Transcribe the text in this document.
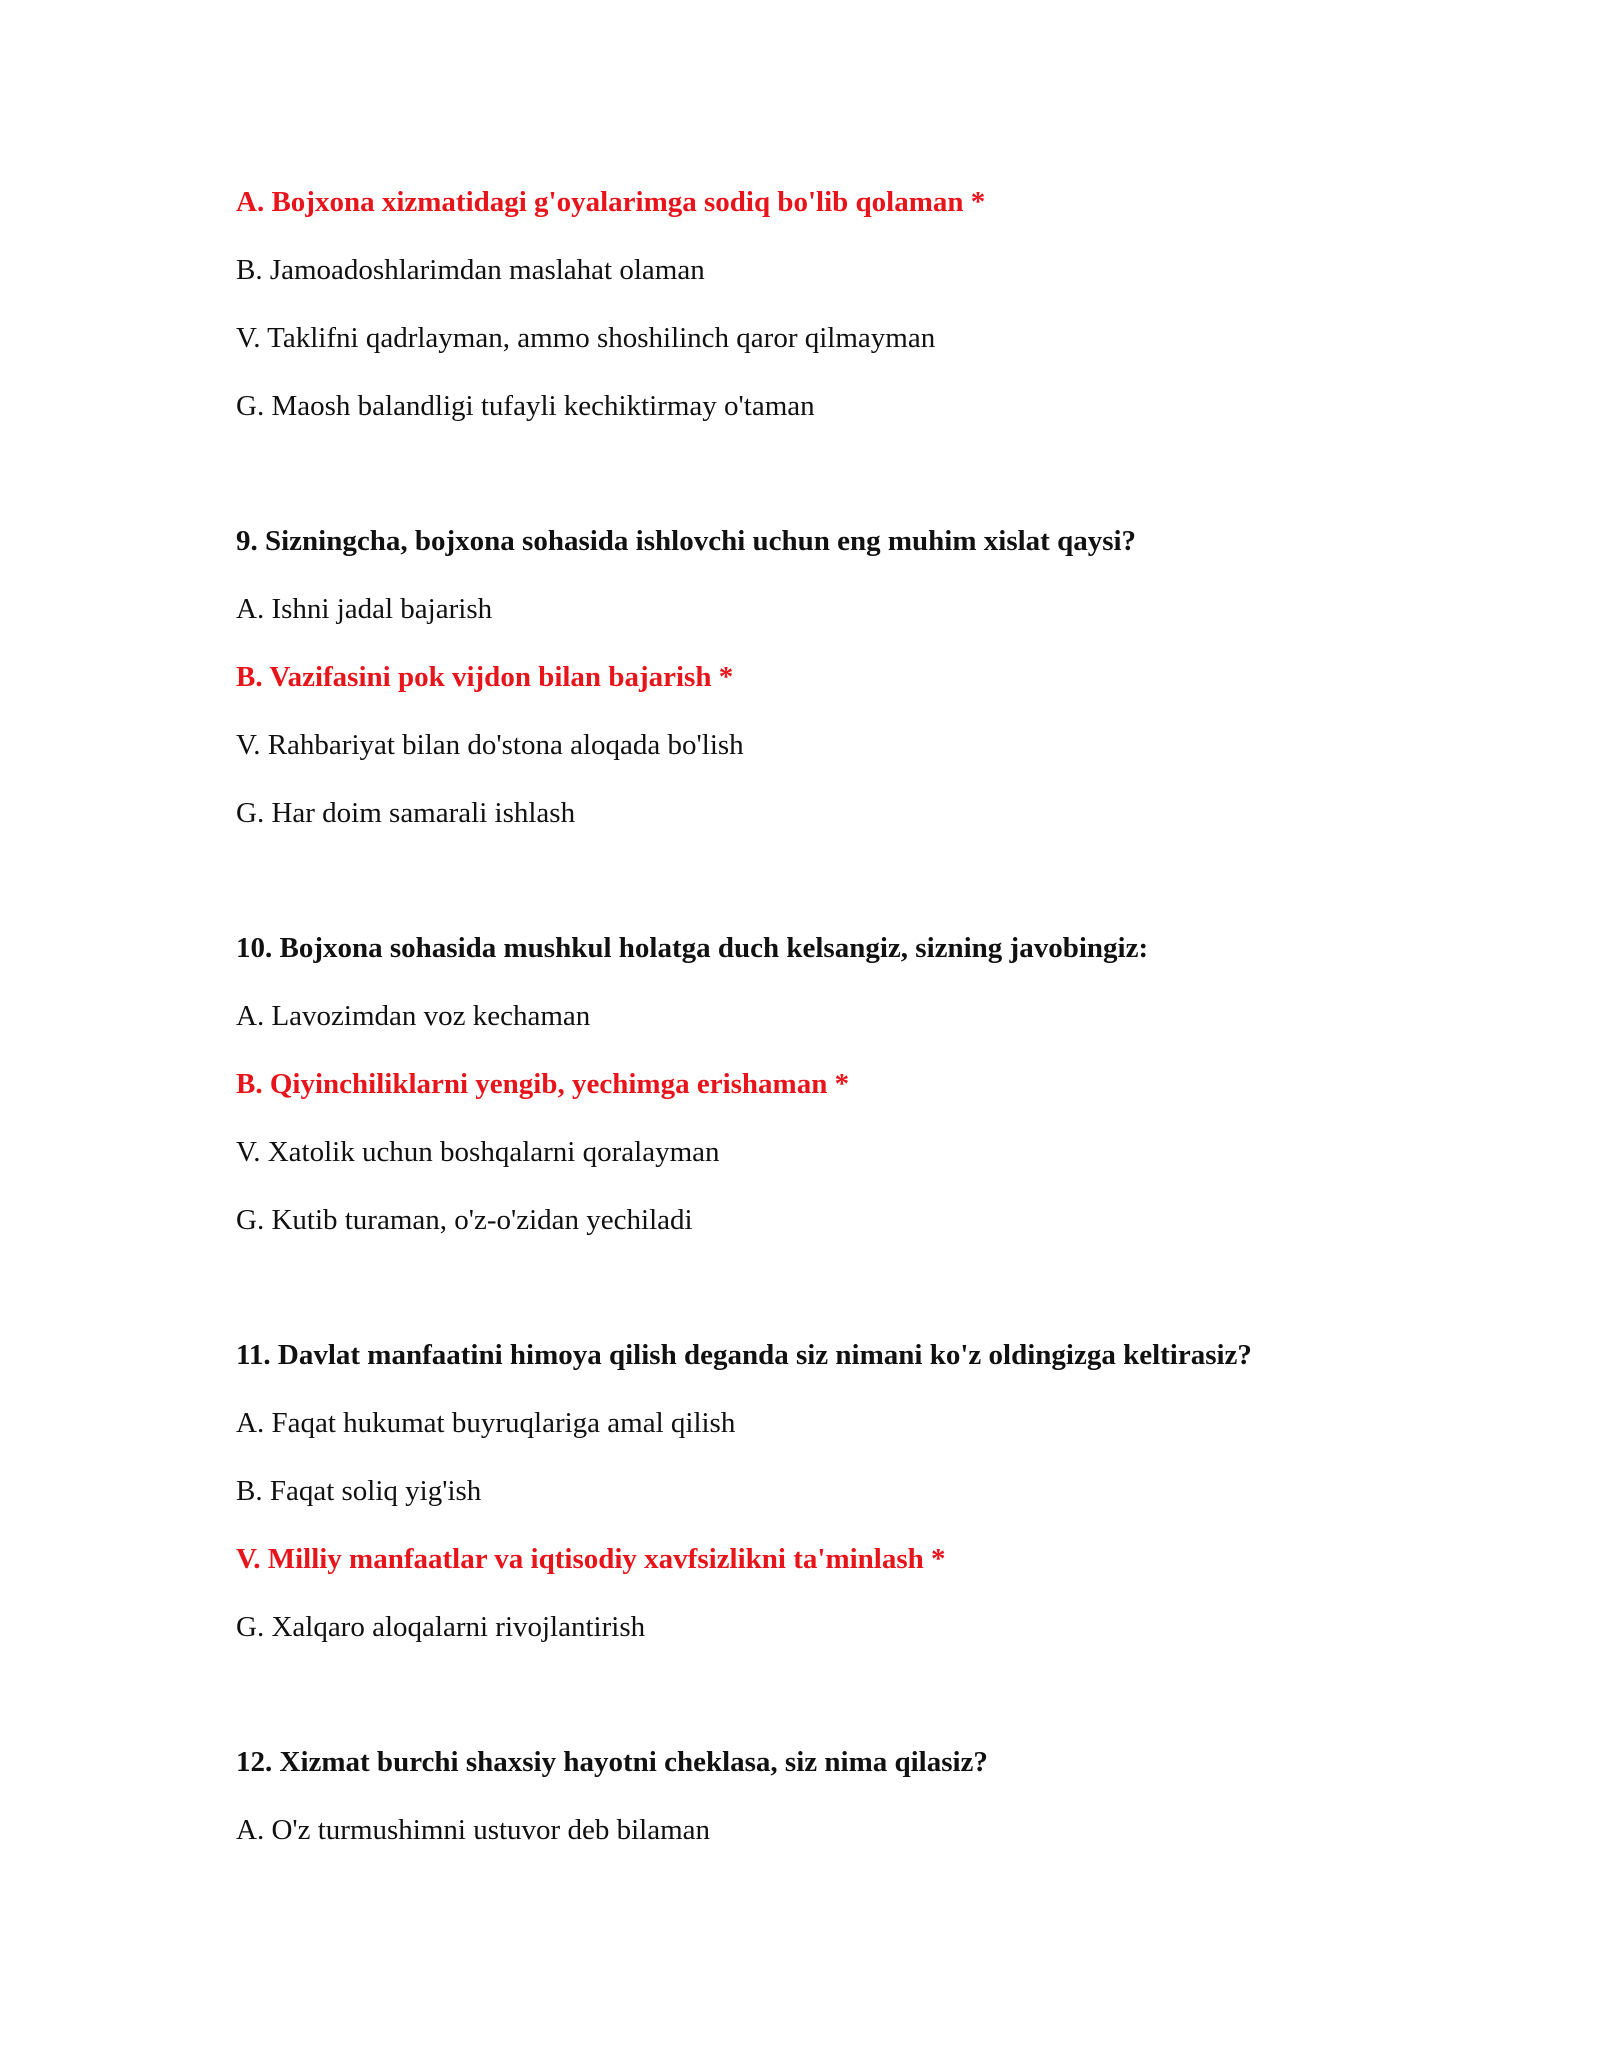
A. Bojxona xizmatidagi g'oyalarimga sodiq bo'lib qolaman *
B. Jamoadoshlarimdan maslahat olaman
V. Taklifni qadrlayman, ammo shoshilinch qaror qilmayman
G. Maosh balandligi tufayli kechiktirmay o'taman
9. Sizningcha, bojxona sohasida ishlovchi uchun eng muhim xislat qaysi?
A. Ishni jadal bajarish
B. Vazifasini pok vijdon bilan bajarish *
V. Rahbariyat bilan do'stona aloqada bo'lish
G. Har doim samarali ishlash
10. Bojxona sohasida mushkul holatga duch kelsangiz, sizning javobingiz:
A. Lavozimdan voz kechaman
B. Qiyinchiliklarni yengib, yechimga erishaman *
V. Xatolik uchun boshqalarni qoralayman
G. Kutib turaman, o'z-o'zidan yechiladi
11. Davlat manfaatini himoya qilish deganda siz nimani ko'z oldingizga keltirasiz?
A. Faqat hukumat buyruqlariga amal qilish
B. Faqat soliq yig'ish
V. Milliy manfaatlar va iqtisodiy xavfsizlikni ta'minlash *
G. Xalqaro aloqalarni rivojlantirish
12. Xizmat burchi shaxsiy hayotni cheklasa, siz nima qilasiz?
A. O'z turmushimni ustuvor deb bilaman
